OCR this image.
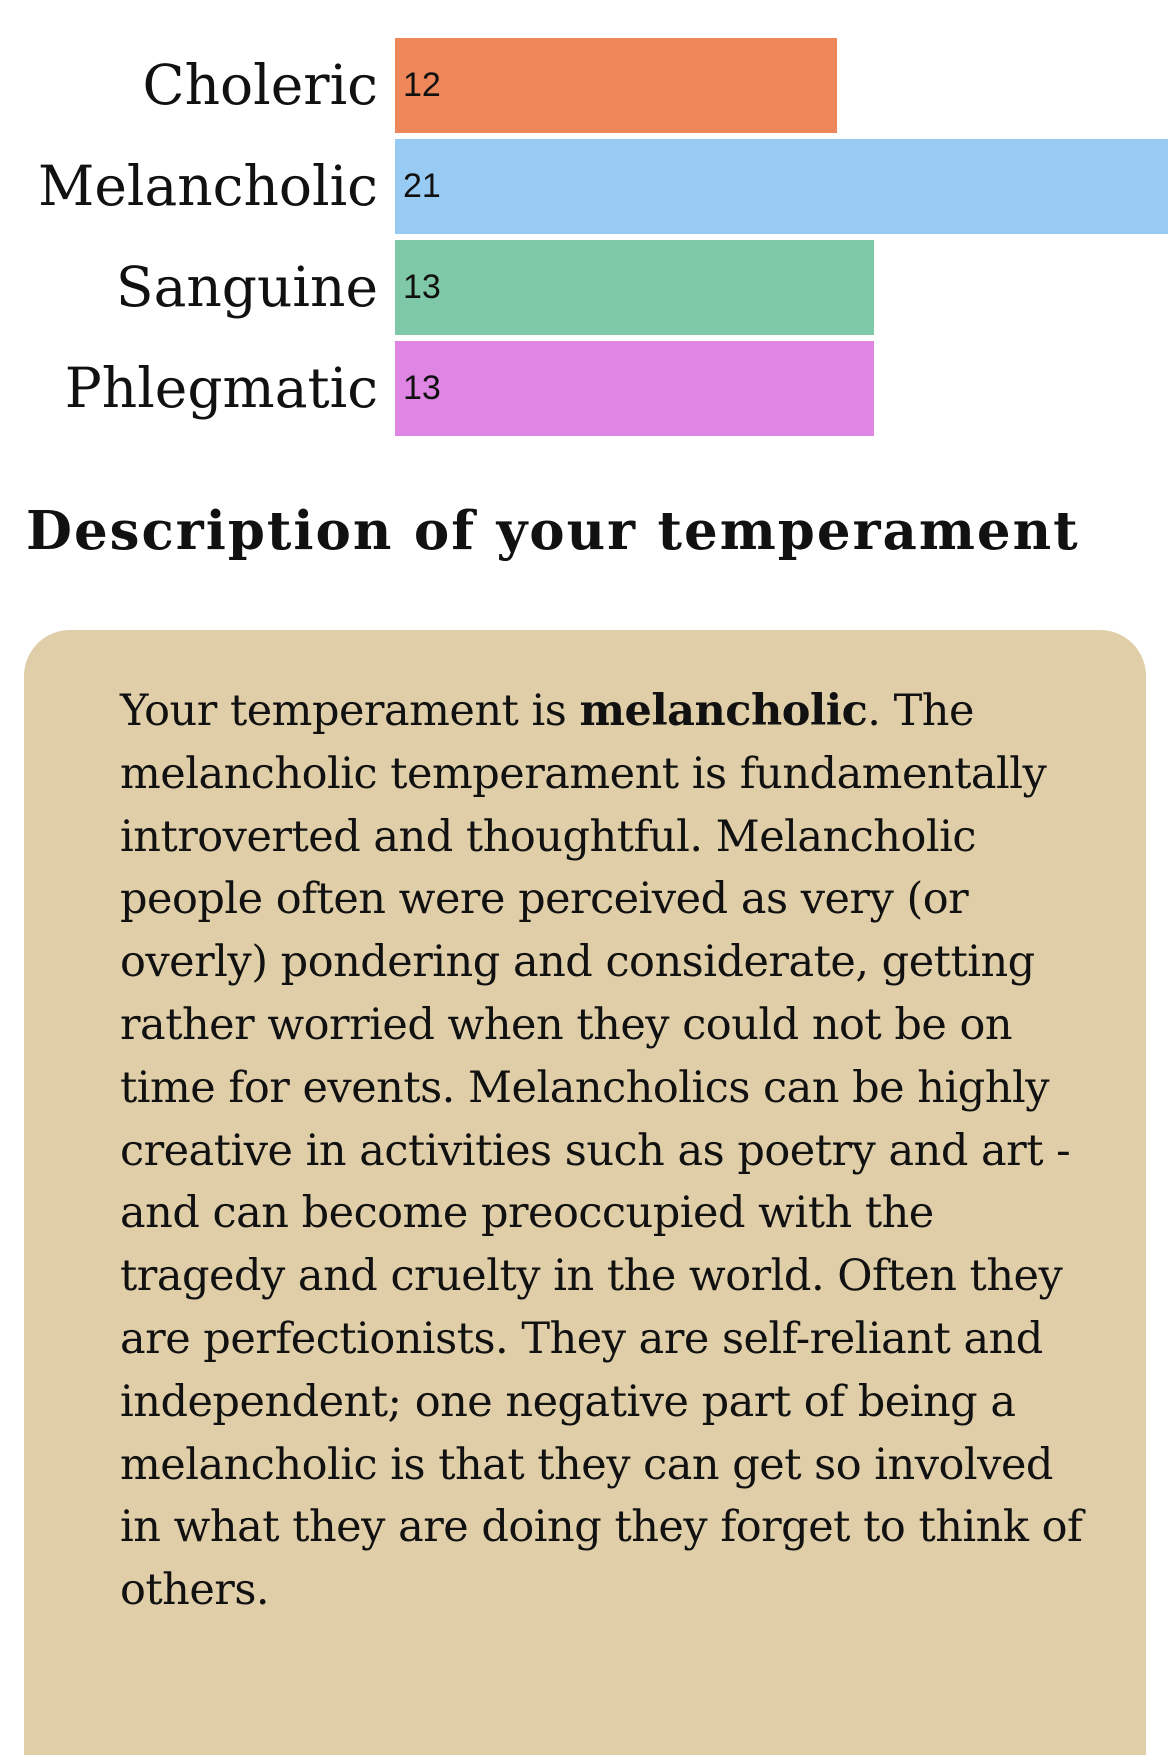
Choleric 12
Melancholic 21
Sanguine 13
Phlegmatic 13
Description of your temperament

Your temperament is melancholic. The melancholic temperament is fundamentally introverted and thoughtful. Melancholic people often were perceived as very (or overly) pondering and considerate, getting rather worried when they could not be on time for events. Melancholics can be highly creative in activities such as poetry and art - and can become preoccupied with the tragedy and cruelty in the world. Often they are perfectionists. They are self-reliant and independent; one negative part of being a melancholic is that they can get so involved in what they are doing they forget to think of others.
